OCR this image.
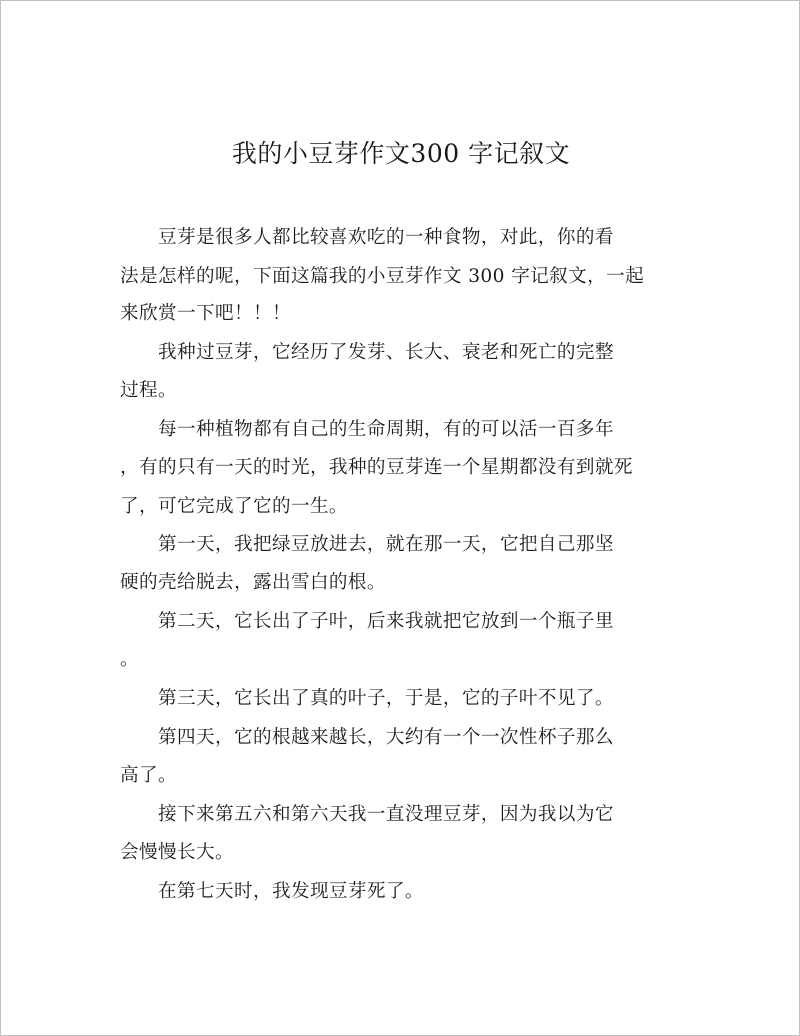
我的小豆芽作文300 字记叙文
　　豆芽是很多人都比较喜欢吃的一种食物，对此，你的看
法是怎样的呢，下面这篇我的小豆芽作文 300 字记叙文，一起
来欣赏一下吧！！！
　　我种过豆芽，它经历了发芽、长大、衰老和死亡的完整
过程。
　　每一种植物都有自己的生命周期，有的可以活一百多年
，有的只有一天的时光，我种的豆芽连一个星期都没有到就死
了，可它完成了它的一生。
　　第一天，我把绿豆放进去，就在那一天，它把自己那坚
硬的壳给脱去，露出雪白的根。
　　第二天，它长出了子叶，后来我就把它放到一个瓶子里
。
　　第三天，它长出了真的叶子，于是，它的子叶不见了。
　　第四天，它的根越来越长，大约有一个一次性杯子那么
高了。
　　接下来第五六和第六天我一直没理豆芽，因为我以为它
会慢慢长大。
　　在第七天时，我发现豆芽死了。
